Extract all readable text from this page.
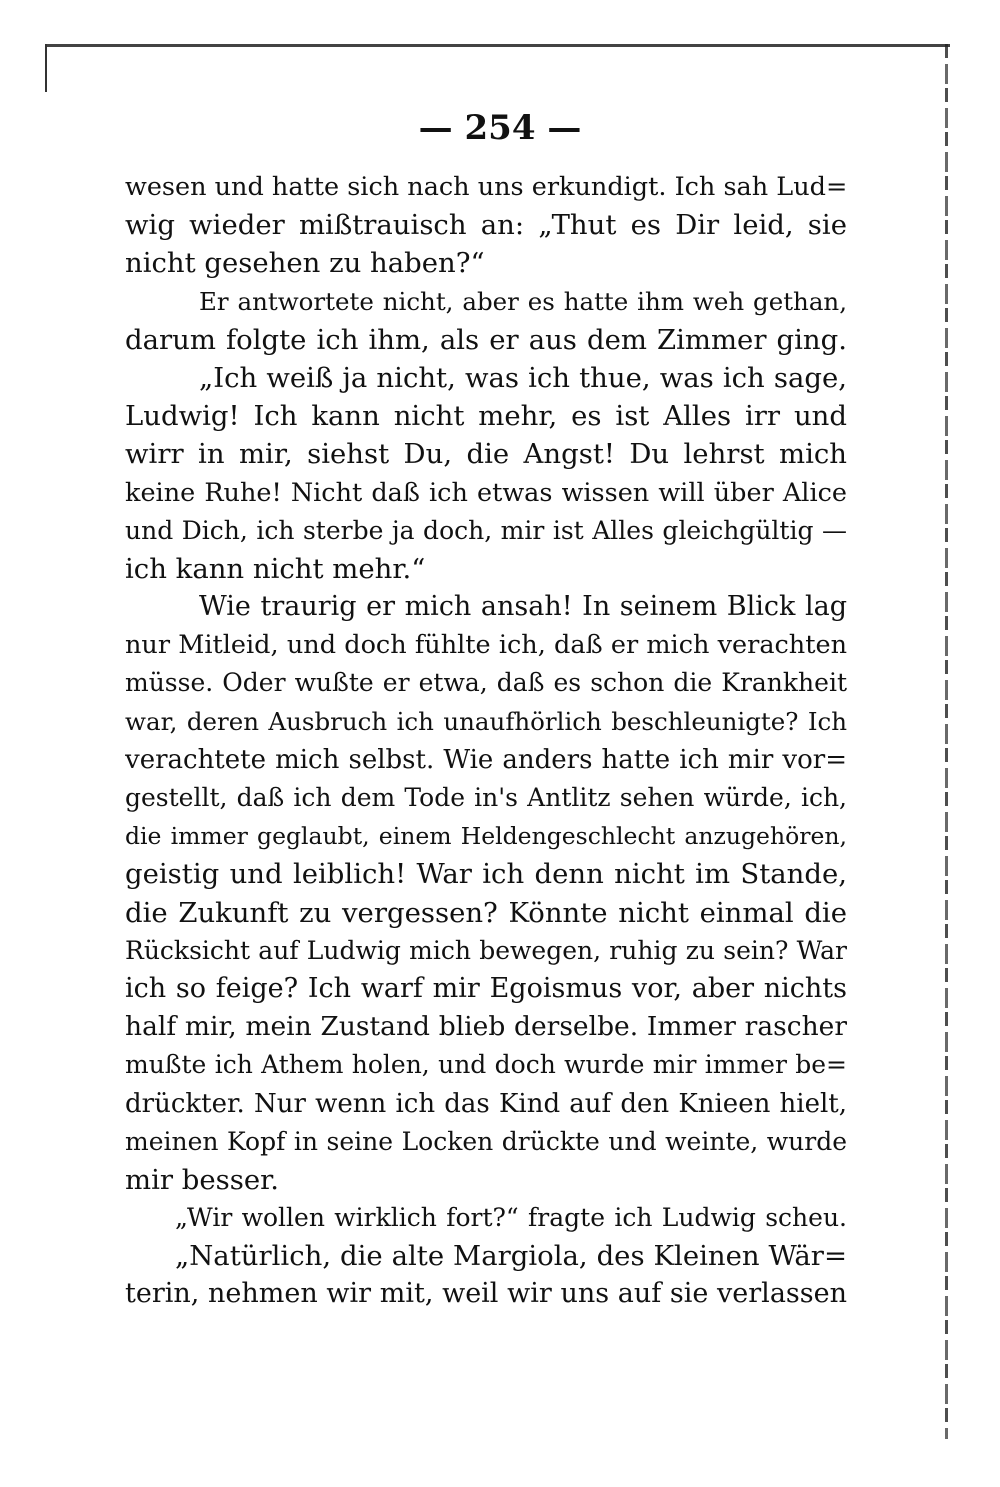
— 254 —
wesen und hatte sich nach uns erkundigt. Ich sah Lud=
wig wieder mißtrauisch an: „Thut es Dir leid, sie
nicht gesehen zu haben?“
Er antwortete nicht, aber es hatte ihm weh gethan,
darum folgte ich ihm, als er aus dem Zimmer ging.
„Ich weiß ja nicht, was ich thue, was ich sage,
Ludwig! Ich kann nicht mehr, es ist Alles irr und
wirr in mir, siehst Du, die Angst! Du lehrst mich
keine Ruhe! Nicht daß ich etwas wissen will über Alice
und Dich, ich sterbe ja doch, mir ist Alles gleichgültig —
ich kann nicht mehr.“
Wie traurig er mich ansah! In seinem Blick lag
nur Mitleid, und doch fühlte ich, daß er mich verachten
müsse. Oder wußte er etwa, daß es schon die Krankheit
war, deren Ausbruch ich unaufhörlich beschleunigte? Ich
verachtete mich selbst. Wie anders hatte ich mir vor=
gestellt, daß ich dem Tode in's Antlitz sehen würde, ich,
die immer geglaubt, einem Heldengeschlecht anzugehören,
geistig und leiblich! War ich denn nicht im Stande,
die Zukunft zu vergessen? Könnte nicht einmal die
Rücksicht auf Ludwig mich bewegen, ruhig zu sein? War
ich so feige? Ich warf mir Egoismus vor, aber nichts
half mir, mein Zustand blieb derselbe. Immer rascher
mußte ich Athem holen, und doch wurde mir immer be=
drückter. Nur wenn ich das Kind auf den Knieen hielt,
meinen Kopf in seine Locken drückte und weinte, wurde
mir besser.
„Wir wollen wirklich fort?“ fragte ich Ludwig scheu.
„Natürlich, die alte Margiola, des Kleinen Wär=
terin, nehmen wir mit, weil wir uns auf sie verlassen
